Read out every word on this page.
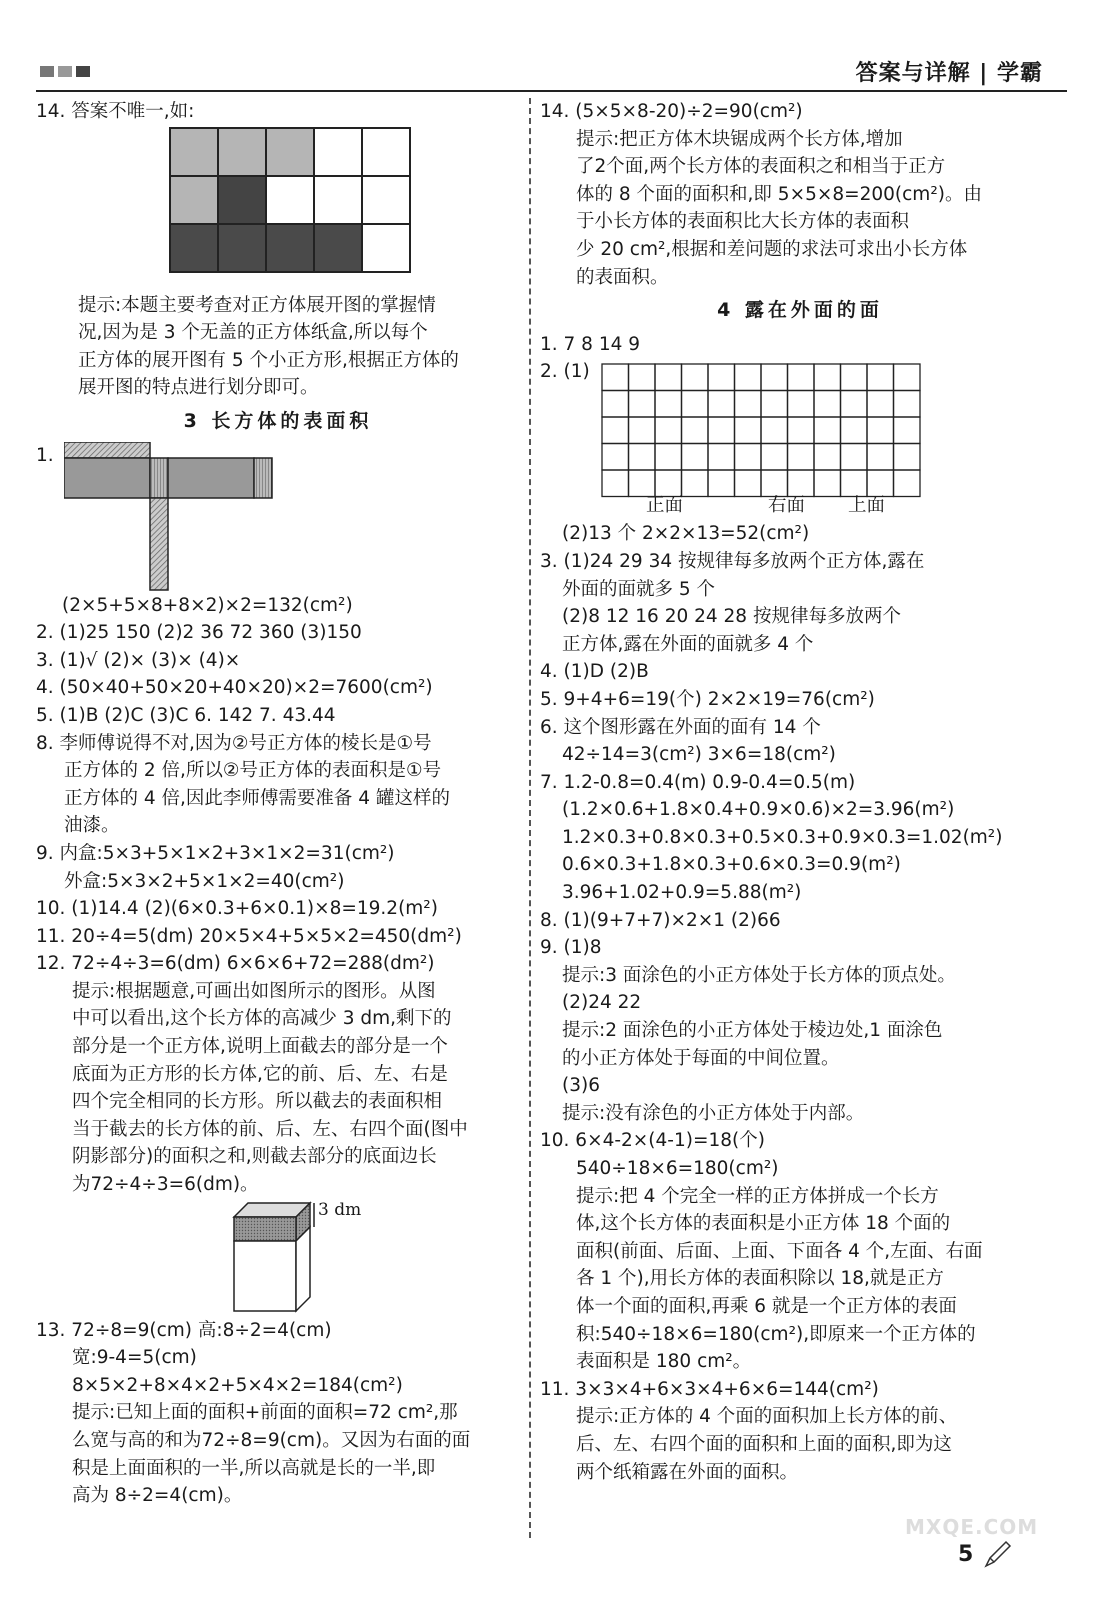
答案与详解 | 学霸
14. 答案不唯一,如:
提示:本题主要考查对正方体展开图的掌握情
况,因为是 3 个无盖的正方体纸盒,所以每个
正方体的展开图有 5 个小正方形,根据正方体的
展开图的特点进行划分即可。
3 长方体的表面积
1.
(2×5+5×8+8×2)×2=132(cm²)
2. (1)25 150 (2)2 36 72 360 (3)150
3. (1)√ (2)× (3)× (4)×
4. (50×40+50×20+40×20)×2=7600(cm²)
5. (1)B (2)C (3)C 6. 142 7. 43.44
8. 李师傅说得不对,因为②号正方体的棱长是①号
正方体的 2 倍,所以②号正方体的表面积是①号
正方体的 4 倍,因此李师傅需要准备 4 罐这样的
油漆。
9. 内盒:5×3+5×1×2+3×1×2=31(cm²)
外盒:5×3×2+5×1×2=40(cm²)
10. (1)14.4 (2)(6×0.3+6×0.1)×8=19.2(m²)
11. 20÷4=5(dm) 20×5×4+5×5×2=450(dm²)
12. 72÷4÷3=6(dm) 6×6×6+72=288(dm²)
提示:根据题意,可画出如图所示的图形。从图
中可以看出,这个长方体的高减少 3 dm,剩下的
部分是一个正方体,说明上面截去的部分是一个
底面为正方形的长方体,它的前、后、左、右是
四个完全相同的长方形。所以截去的表面积相
当于截去的长方体的前、后、左、右四个面(图中
阴影部分)的面积之和,则截去部分的底面边长
为72÷4÷3=6(dm)。
3 dm
13. 72÷8=9(cm) 高:8÷2=4(cm)
宽:9-4=5(cm)
8×5×2+8×4×2+5×4×2=184(cm²)
提示:已知上面的面积+前面的面积=72 cm²,那
么宽与高的和为72÷8=9(cm)。又因为右面的面
积是上面面积的一半,所以高就是长的一半,即
高为 8÷2=4(cm)。
14. (5×5×8-20)÷2=90(cm²)
提示:把正方体木块锯成两个长方体,增加
了2个面,两个长方体的表面积之和相当于正方
体的 8 个面的面积和,即 5×5×8=200(cm²)。由
于小长方体的表面积比大长方体的表面积
少 20 cm²,根据和差问题的求法可求出小长方体
的表面积。
4 露在外面的面
1. 7 8 14 9
2. (1)
正面	右面 上面
(2)13 个 2×2×13=52(cm²)
3. (1)24 29 34 按规律每多放两个正方体,露在
外面的面就多 5 个
(2)8 12 16 20 24 28 按规律每多放两个
正方体,露在外面的面就多 4 个
4. (1)D (2)B
5. 9+4+6=19(个) 2×2×19=76(cm²)
6. 这个图形露在外面的面有 14 个
42÷14=3(cm²) 3×6=18(cm²)
7. 1.2-0.8=0.4(m) 0.9-0.4=0.5(m)
(1.2×0.6+1.8×0.4+0.9×0.6)×2=3.96(m²)
1.2×0.3+0.8×0.3+0.5×0.3+0.9×0.3=1.02(m²)
0.6×0.3+1.8×0.3+0.6×0.3=0.9(m²)
3.96+1.02+0.9=5.88(m²)
8. (1)(9+7+7)×2×1 (2)66
9. (1)8
提示:3 面涂色的小正方体处于长方体的顶点处。
(2)24 22
提示:2 面涂色的小正方体处于棱边处,1 面涂色
的小正方体处于每面的中间位置。
(3)6
提示:没有涂色的小正方体处于内部。
10. 6×4-2×(4-1)=18(个)
540÷18×6=180(cm²)
提示:把 4 个完全一样的正方体拼成一个长方
体,这个长方体的表面积是小正方体 18 个面的
面积(前面、后面、上面、下面各 4 个,左面、右面
各 1 个),用长方体的表面积除以 18,就是正方
体一个面的面积,再乘 6 就是一个正方体的表面
积:540÷18×6=180(cm²),即原来一个正方体的
表面积是 180 cm²。
11. 3×3×4+6×3×4+6×6=144(cm²)
提示:正方体的 4 个面的面积加上长方体的前、
后、左、右四个面的面积和上面的面积,即为这
两个纸箱露在外面的面积。
MXQE.COM
5
